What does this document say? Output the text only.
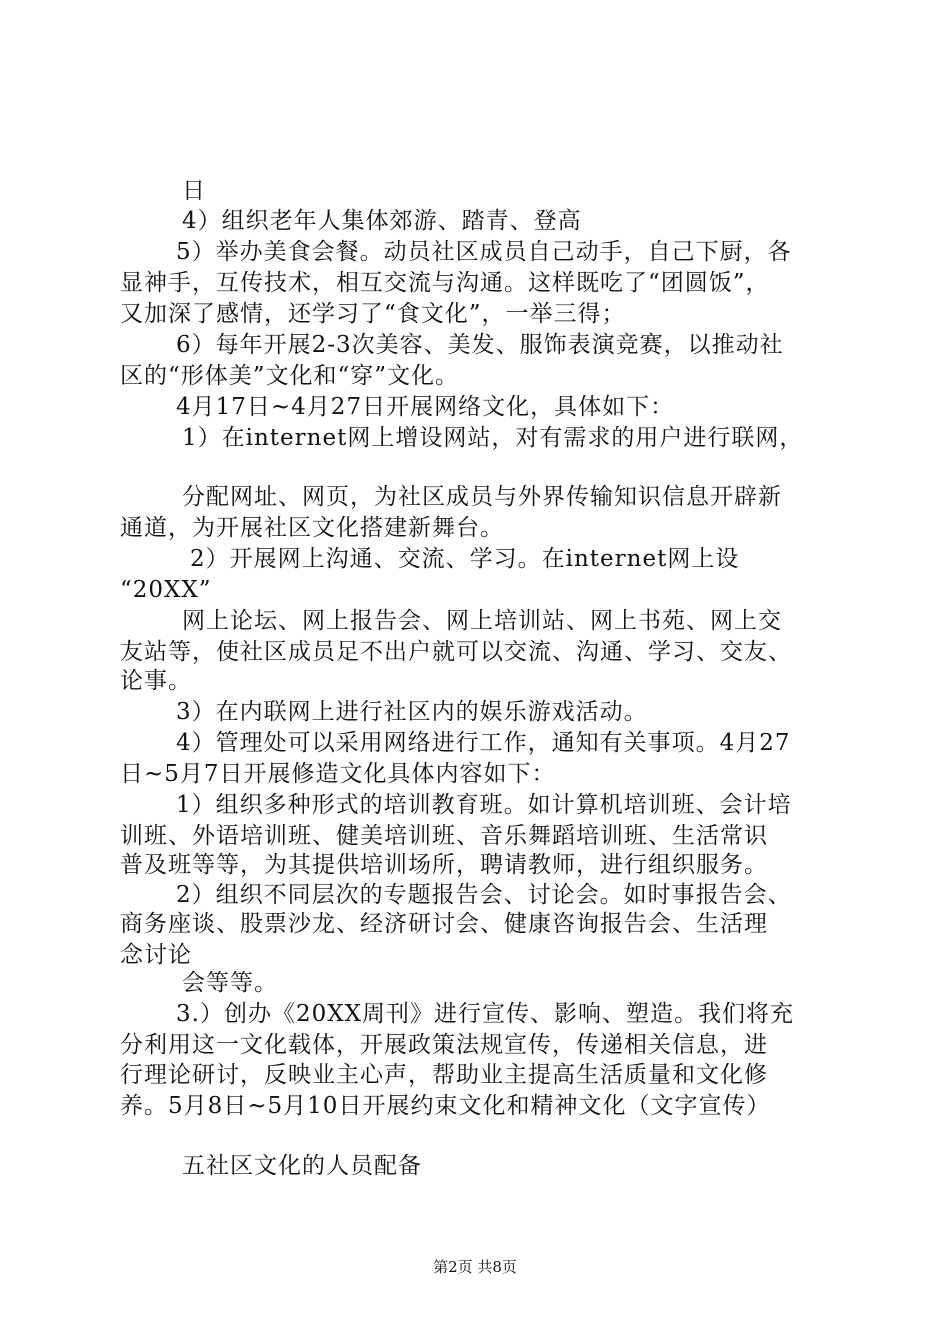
日
4）组织老年人集体郊游、踏青、登高
5）举办美食会餐。动员社区成员自己动手，自己下厨，各
显神手，互传技术，相互交流与沟通。这样既吃了“团圆饭”，
又加深了感情，还学习了“食文化”，一举三得；
6）每年开展2-3次美容、美发、服饰表演竞赛，以推动社
区的“形体美”文化和“穿”文化。
4月17日~4月27日开展网络文化，具体如下：
1）在internet网上增设网站，对有需求的用户进行联网，
分配网址、网页，为社区成员与外界传输知识信息开辟新
通道，为开展社区文化搭建新舞台。
2）开展网上沟通、交流、学习。在internet网上设
“20XX”
网上论坛、网上报告会、网上培训站、网上书苑、网上交
友站等，使社区成员足不出户就可以交流、沟通、学习、交友、
论事。
3）在内联网上进行社区内的娱乐游戏活动。
4）管理处可以采用网络进行工作，通知有关事项。4月27
日~5月7日开展修造文化具体内容如下：
1）组织多种形式的培训教育班。如计算机培训班、会计培
训班、外语培训班、健美培训班、音乐舞蹈培训班、生活常识
普及班等等，为其提供培训场所，聘请教师，进行组织服务。
2）组织不同层次的专题报告会、讨论会。如时事报告会、
商务座谈、股票沙龙、经济研讨会、健康咨询报告会、生活理
念讨论
会等等。
3.）创办《20XX周刊》进行宣传、影响、塑造。我们将充
分利用这一文化载体，开展政策法规宣传，传递相关信息，进
行理论研讨，反映业主心声，帮助业主提高生活质量和文化修
养。5月8日~5月10日开展约束文化和精神文化（文字宣传）
五社区文化的人员配备
第2页 共8页
